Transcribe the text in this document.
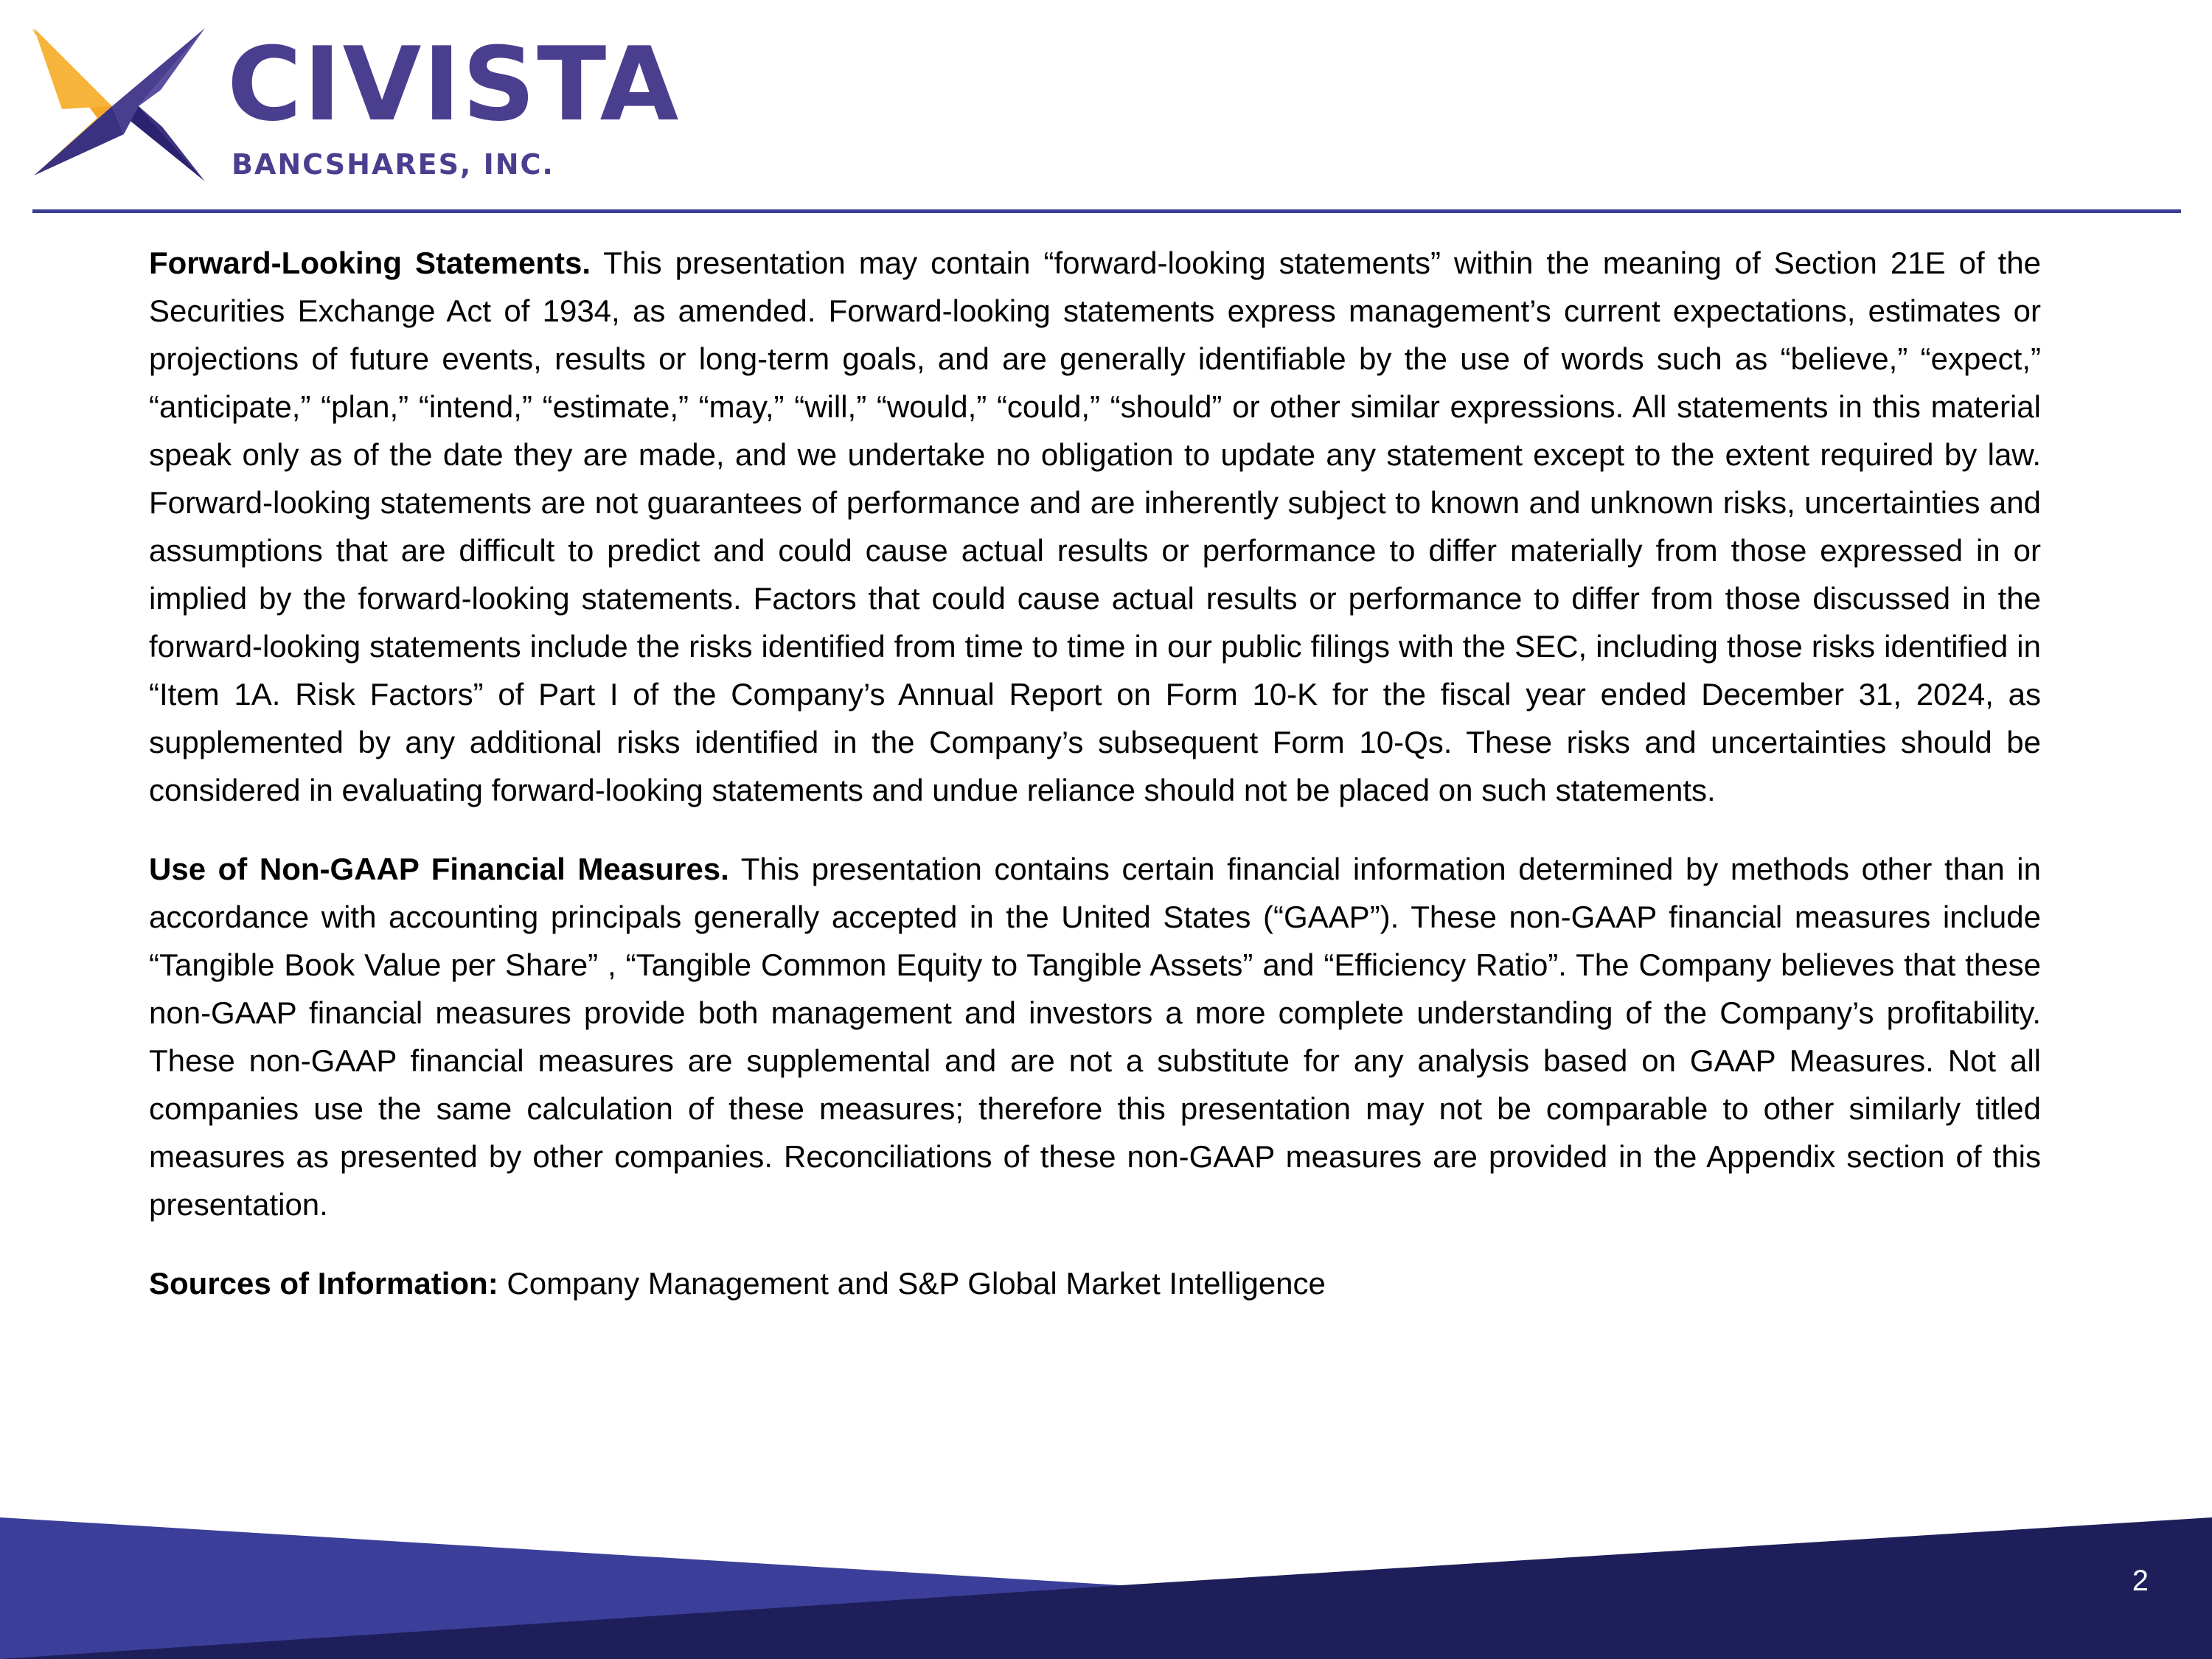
CIVISTA
BANCSHARES, INC.

Forward-Looking Statements. This presentation may contain “forward-looking statements” within the meaning of Section 21E of the Securities Exchange Act of 1934, as amended. Forward-looking statements express management’s current expectations, estimates or projections of future events, results or long-term goals, and are generally identifiable by the use of words such as “believe,” “expect,” “anticipate,” “plan,” “intend,” “estimate,” “may,” “will,” “would,” “could,” “should” or other similar expressions. All statements in this material speak only as of the date they are made, and we undertake no obligation to update any statement except to the extent required by law. Forward-looking statements are not guarantees of performance and are inherently subject to known and unknown risks, uncertainties and assumptions that are difficult to predict and could cause actual results or performance to differ materially from those expressed in or implied by the forward-looking statements. Factors that could cause actual results or performance to differ from those discussed in the forward-looking statements include the risks identified from time to time in our public filings with the SEC, including those risks identified in “Item 1A. Risk Factors” of Part I of the Company’s Annual Report on Form 10-K for the fiscal year ended December 31, 2024, as supplemented by any additional risks identified in the Company’s subsequent Form 10-Qs. These risks and uncertainties should be considered in evaluating forward-looking statements and undue reliance should not be placed on such statements.

Use of Non-GAAP Financial Measures. This presentation contains certain financial information determined by methods other than in accordance with accounting principals generally accepted in the United States (“GAAP”). These non-GAAP financial measures include “Tangible Book Value per Share” , “Tangible Common Equity to Tangible Assets” and “Efficiency Ratio”. The Company believes that these non-GAAP financial measures provide both management and investors a more complete understanding of the Company’s profitability. These non-GAAP financial measures are supplemental and are not a substitute for any analysis based on GAAP Measures. Not all companies use the same calculation of these measures; therefore this presentation may not be comparable to other similarly titled measures as presented by other companies. Reconciliations of these non-GAAP measures are provided in the Appendix section of this presentation.

Sources of Information: Company Management and S&P Global Market Intelligence

2
